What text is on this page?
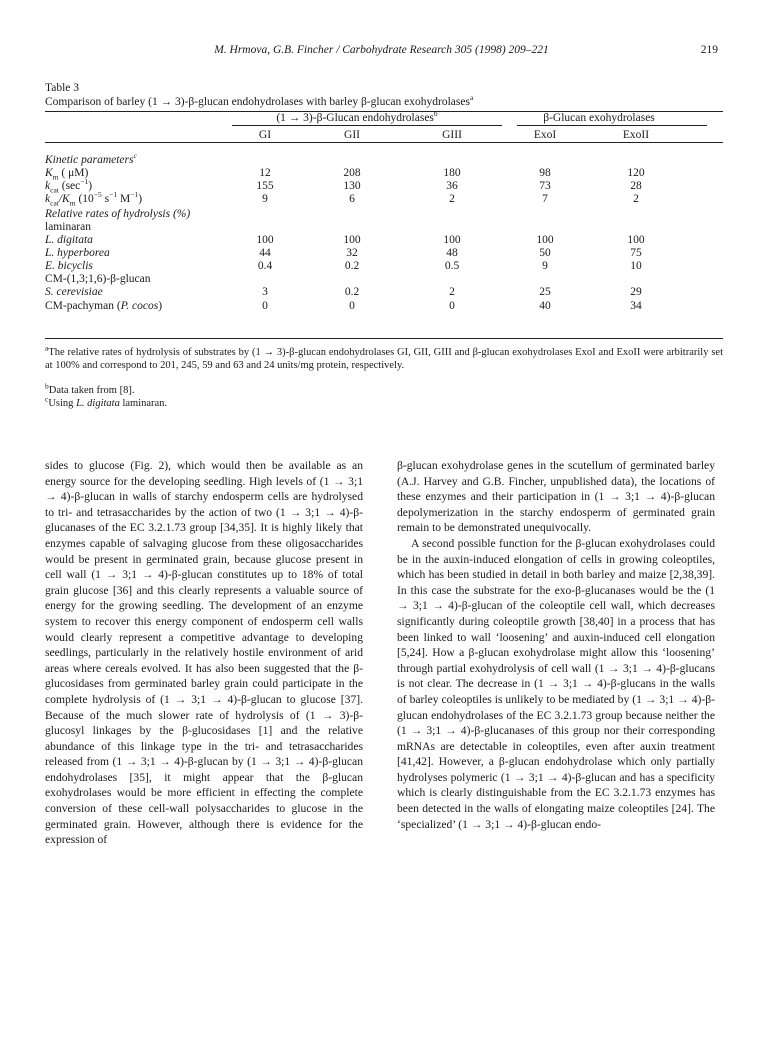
M. Hrmova, G.B. Fincher / Carbohydrate Research 305 (1998) 209–221	219
Table 3
Comparison of barley (1 → 3)-β-glucan endohydrolases with barley β-glucan exohydrolases$^a$
(1 → 3)-β-Glucan endohydrolases$^b$	β-Glucan exohydrolases
GI	GII	GIII	ExoI	ExoII
Kinetic parameters$^c$
$K_m$ ( μM)	12	208	180	98	120
$k_{cat}$ $(\sec^{-1})$	155	130	36	73	28
$k_{cat}/K_m$ ($10^{-5}$ $s^{-1}$ $M^{-1}$)	9	6	2	7	2
Relative rates of hydrolysis (%)
laminaran
L. digitata	100	100	100	100	100
L. hyperborea	44	32	48	50	75
E. bicyclis	0.4	0.2	0.5	9	10
CM-(1,3;1,6)-β-glucan
S. cerevisiae	3	0.2	2	25	29
CM-pachyman (P. cocos)	0	0	0	40	34
$^a$The relative rates of hydrolysis of substrates by (1 → 3)-β-glucan endohydrolases GI, GII, GIII and β-glucan exohydrolases ExoI and ExoII were arbitrarily set at 100% and correspond to 201, 245, 59 and 63 and 24 units/mg protein, respectively.
$^b$Data taken from [8].
$^c$Using L. digitata laminaran.

sides to glucose (Fig. 2), which would then be available as an energy source for the developing seedling. High levels of (1 → 3;1 → 4)-β-glucan in walls of starchy endosperm cells are hydrolysed to tri- and tetrasaccharides by the action of two (1 → 3;1 → 4)-β-glucanases of the EC 3.2.1.73 group [34,35]. It is highly likely that enzymes capable of salvaging glucose from these oligosaccharides would be present in germinated grain, because glucose present in cell wall (1 → 3;1 → 4)-β-glucan constitutes up to 18% of total grain glucose [36] and this clearly represents a valuable source of energy for the growing seedling. The development of an enzyme system to recover this energy component of endosperm cell walls would clearly represent a competitive advantage to developing seedlings, particularly in the relatively hostile environment of arid areas where cereals evolved. It has also been suggested that the β-glucosidases from germinated barley grain could participate in the complete hydrolysis of (1 → 3;1 → 4)-β-glucan to glucose [37]. Because of the much slower rate of hydrolysis of (1 → 3)-β-glucosyl linkages by the β-glucosidases [1] and the relative abundance of this linkage type in the tri- and tetrasaccharides released from (1 → 3;1 → 4)-β-glucan by (1 → 3;1 → 4)-β-glucan endohydrolases [35], it might appear that the β-glucan exohydrolases would be more efficient in effecting the complete conversion of these cell-wall polysaccharides to glucose in the germinated grain. However, although there is evidence for the expression of

β-glucan exohydrolase genes in the scutellum of germinated barley (A.J. Harvey and G.B. Fincher, unpublished data), the locations of these enzymes and their participation in (1 → 3;1 → 4)-β-glucan depolymerization in the starchy endosperm of germinated grain remain to be demonstrated unequivocally.

A second possible function for the β-glucan exohydrolases could be in the auxin-induced elongation of cells in growing coleoptiles, which has been studied in detail in both barley and maize [2,38,39]. In this case the substrate for the exo-β-glucanases would be the (1 → 3;1 → 4)-β-glucan of the coleoptile cell wall, which decreases significantly during coleoptile growth [38,40] in a process that has been linked to wall ‘loosening’ and auxin-induced cell elongation [5,24]. How a β-glucan exohydrolase might allow this ‘loosening’ through partial exohydrolysis of cell wall (1 → 3;1 → 4)-β-glucans is not clear. The decrease in (1 → 3;1 → 4)-β-glucans in the walls of barley coleoptiles is unlikely to be mediated by (1 → 3;1 → 4)-β-glucan endohydrolases of the EC 3.2.1.73 group because neither the (1 → 3;1 → 4)-β-glucanases of this group nor their corresponding mRNAs are detectable in coleoptiles, even after auxin treatment [41,42]. However, a β-glucan endohydrolase which only partially hydrolyses polymeric (1 → 3;1 → 4)-β-glucan and has a specificity which is clearly distinguishable from the EC 3.2.1.73 enzymes has been detected in the walls of elongating maize coleoptiles [24]. The ‘specialized’ (1 → 3;1 → 4)-β-glucan endo-
